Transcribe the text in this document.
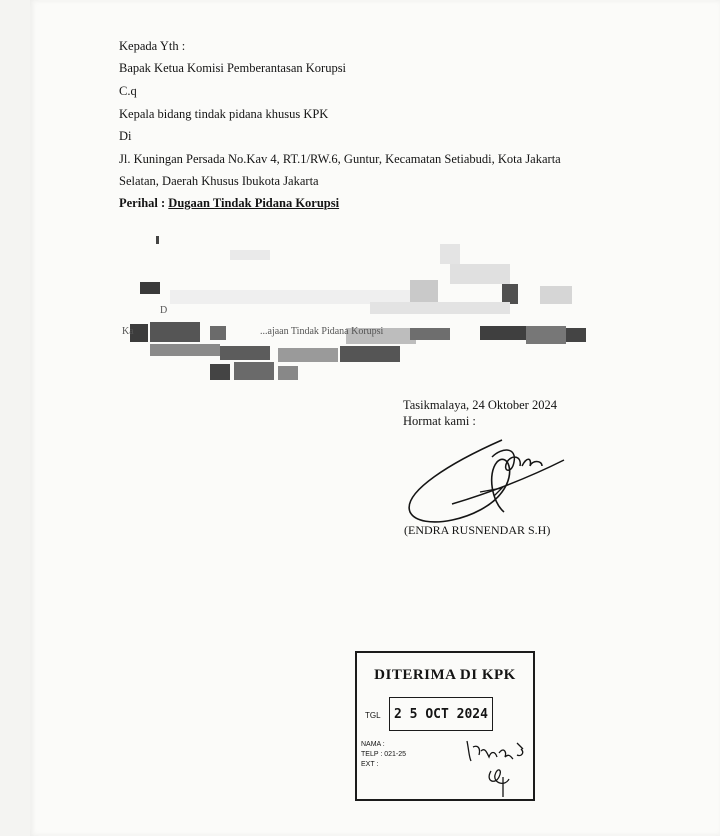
Kepada Yth :
Bapak Ketua Komisi Pemberantasan Korupsi
C.q
Kepala bidang tindak pidana khusus KPK
Di
Jl. Kuningan Persada No.Kav 4, RT.1/RW.6, Guntur, Kecamatan Setiabudi, Kota Jakarta
Selatan, Daerah Khusus Ibukota Jakarta
Perihal : Dugaan Tindak Pidana Korupsi
D
...ajaan Tindak Pidana Korupsi
Ka
Tasikmalaya, 24 Oktober 2024
Hormat kami :
(ENDRA RUSNENDAR S.H)
DITERIMA DI KPK
TGL	2 5 OCT 2024
NAMA :
TELP : 021-25
EXT :
